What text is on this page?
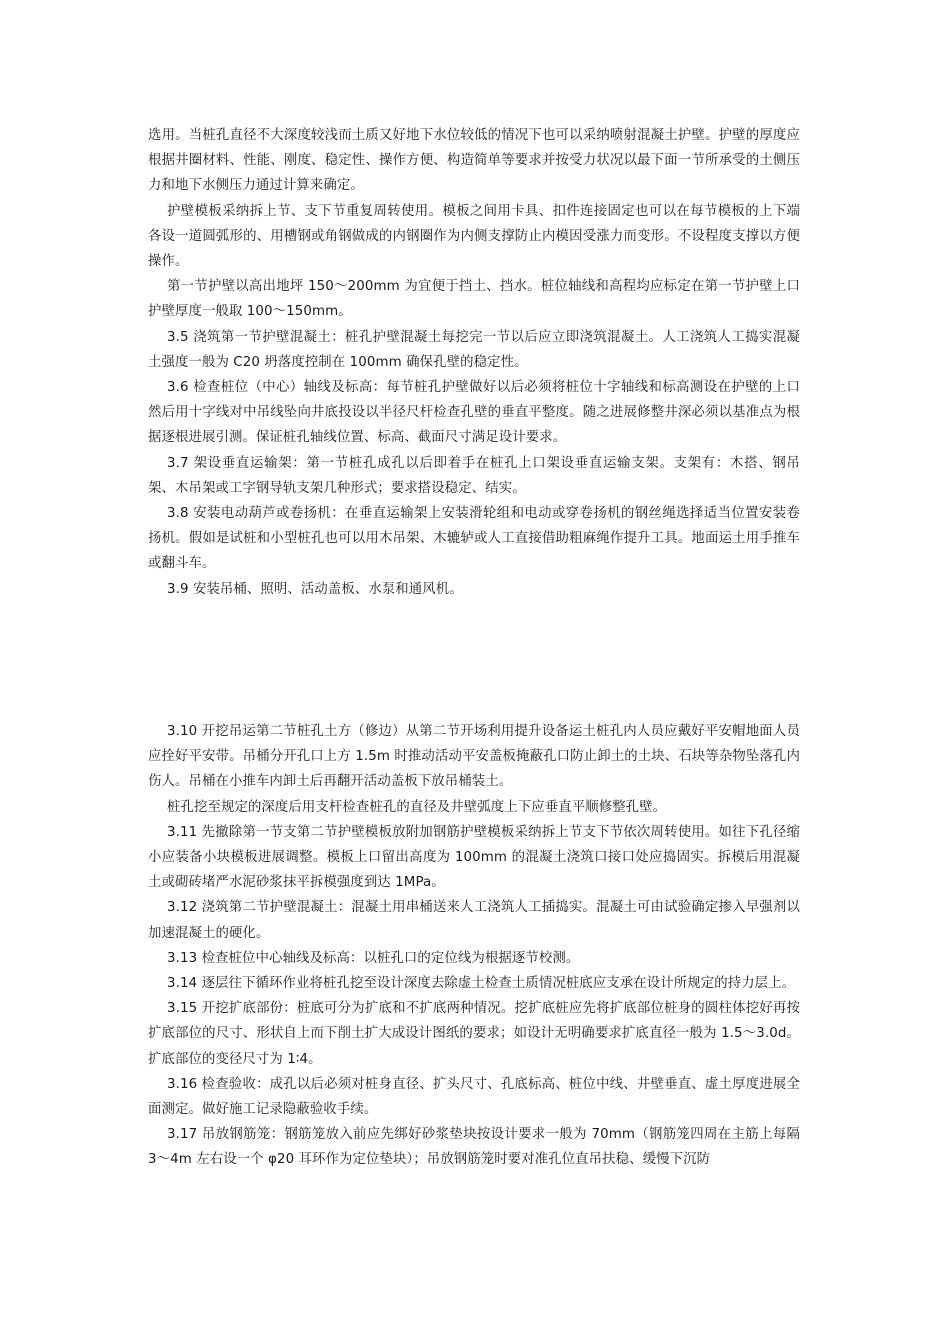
选用。当桩孔直径不大深度较浅而土质又好地下水位较低的情况下也可以采纳喷射混凝土护壁。护壁的厚度应根据井圈材料、性能、刚度、稳定性、操作方便、构造简单等要求并按受力状况以最下面一节所承受的土侧压力和地下水侧压力通过计算来确定。

护壁模板采纳拆上节、支下节重复周转使用。模板之间用卡具、扣件连接固定也可以在每节模板的上下端各设一道圆弧形的、用槽钢或角钢做成的内钢圈作为内侧支撑防止内模因受涨力而变形。不设程度支撑以方便操作。

第一节护壁以高出地坪 150～200mm 为宜便于挡土、挡水。桩位轴线和高程均应标定在第一节护壁上口护壁厚度一般取 100～150mm。

3.5 浇筑第一节护壁混凝土：桩孔护壁混凝土每挖完一节以后应立即浇筑混凝土。人工浇筑人工捣实混凝土强度一般为 C20 坍落度控制在 100mm 确保孔壁的稳定性。

3.6 检查桩位（中心）轴线及标高：每节桩孔护壁做好以后必须将桩位十字轴线和标高测设在护壁的上口然后用十字线对中吊线坠向井底投设以半径尺杆检查孔壁的垂直平整度。随之进展修整井深必须以基准点为根据逐根进展引测。保证桩孔轴线位置、标高、截面尺寸满足设计要求。

3.7 架设垂直运输架：第一节桩孔成孔以后即着手在桩孔上口架设垂直运输支架。支架有：木搭、钢吊架、木吊架或工字钢导轨支架几种形式；要求搭设稳定、结实。

3.8 安装电动葫芦或卷扬机：在垂直运输架上安装滑轮组和电动或穿卷扬机的钢丝绳选择适当位置安装卷扬机。假如是试桩和小型桩孔也可以用木吊架、木辘轳或人工直接借助粗麻绳作提升工具。地面运土用手推车或翻斗车。

3.9 安装吊桶、照明、活动盖板、水泵和通风机。

3.10 开挖吊运第二节桩孔土方（修边）从第二节开场利用提升设备运土桩孔内人员应戴好平安帽地面人员应拴好平安带。吊桶分开孔口上方 1.5m 时推动活动平安盖板掩蔽孔口防止卸土的土块、石块等杂物坠落孔内伤人。吊桶在小推车内卸土后再翻开活动盖板下放吊桶装土。

桩孔挖至规定的深度后用支杆检查桩孔的直径及井壁弧度上下应垂直平顺修整孔壁。

3.11 先撤除第一节支第二节护壁模板放附加钢筋护壁模板采纳拆上节支下节依次周转使用。如往下孔径缩小应装备小块模板进展调整。模板上口留出高度为 100mm 的混凝土浇筑口接口处应捣固实。拆模后用混凝土或砌砖堵严水泥砂浆抹平拆模强度到达 1MPa。

3.12 浇筑第二节护壁混凝土：混凝土用串桶送来人工浇筑人工插捣实。混凝土可由试验确定掺入早强剂以加速混凝土的硬化。

3.13 检查桩位中心轴线及标高：以桩孔口的定位线为根据逐节校测。

3.14 逐层往下循环作业将桩孔挖至设计深度去除虚土检查土质情况桩底应支承在设计所规定的持力层上。

3.15 开挖扩底部份：桩底可分为扩底和不扩底两种情况。挖扩底桩应先将扩底部位桩身的圆柱体挖好再按扩底部位的尺寸、形状自上而下削土扩大成设计图纸的要求；如设计无明确要求扩底直径一般为 1.5～3.0d。扩底部位的变径尺寸为 1∶4。

3.16 检查验收：成孔以后必须对桩身直径、扩头尺寸、孔底标高、桩位中线、井壁垂直、虚土厚度进展全面测定。做好施工记录隐蔽验收手续。

3.17 吊放钢筋笼：钢筋笼放入前应先绑好砂浆垫块按设计要求一般为 70mm（钢筋笼四周在主筋上每隔 3～4m 左右设一个 φ20 耳环作为定位垫块）；吊放钢筋笼时要对准孔位直吊扶稳、缓慢下沉防
